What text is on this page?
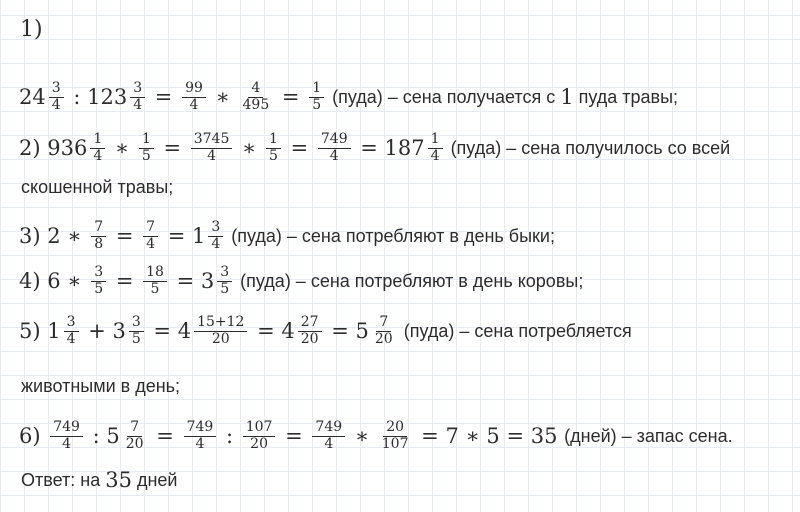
1)
$24 \frac{3}{4}$ : $123 \frac{3}{4} = \frac{99}{4}$ ∗ $\frac{4}{495} = \frac{1}{5}$ (пуда) – сена получается с 1 пуда травы;
2) $936 \frac{1}{4}$ ∗ $\frac{1}{5} = \frac{3745}{4}$ ∗ $\frac{1}{5} = \frac{749}{4} = 187 \frac{1}{4}$ (пуда) – сена получилось со всей
скошенной травы;
3) 2 ∗ $\frac{7}{8} = \frac{7}{4} = 1 \frac{3}{4}$ (пуда) – сена потребляют в день быки;
4) 6 ∗ $\frac{3}{5} = \frac{18}{5} = 3 \frac{3}{5}$ (пуда) – сена потребляют в день коровы;
5) $1 \frac{3}{4} + 3 \frac{3}{5} = 4 \frac{15+12}{20} = 4 \frac{27}{20} = 5 \frac{7}{20}$ (пуда) – сена потребляется
животными в день;
$6) \frac{749}{4}$ : $5 \frac{7}{20} = \frac{749}{4}$ : $\frac{107}{20} = \frac{749}{4}$ ∗ $\frac{20}{107} = 7$ ∗ 5 = 35 (дней) – запас сена.
Ответ: на 35 дней
